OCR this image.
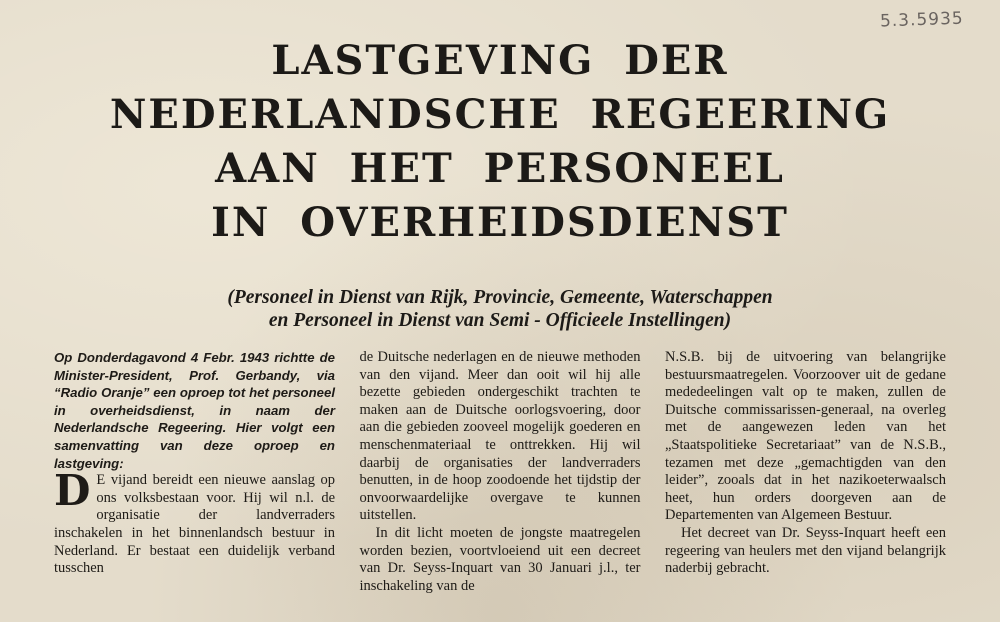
5.3.5935
LASTGEVING DER
NEDERLANDSCHE REGEERING
AAN HET PERSONEEL
IN OVERHEIDSDIENST
(Personeel in Dienst van Rijk, Provincie, Gemeente, Waterschappen
en Personeel in Dienst van Semi - Officieele Instellingen)

Op Donderdagavond 4 Febr. 1943 richtte de Minister-President, Prof. Gerbandy, via “Radio Oranje” een oproep tot het personeel in overheidsdienst, in naam der Nederlandsche Regeering. Hier volgt een samenvatting van deze oproep en lastgeving:

D E vijand bereidt een nieuwe aanslag op ons volksbestaan voor. Hij wil n.l. de organisatie der landverraders inschakelen in het binnenlandsch bestuur in Nederland. Er bestaat een duidelijk verband tusschen

de Duitsche nederlagen en de nieuwe methoden van den vijand. Meer dan ooit wil hij alle bezette gebieden ondergeschikt trachten te maken aan de Duitsche oorlogsvoering, door aan die gebieden zooveel mogelijk goederen en menschenmateriaal te onttrekken. Hij wil daarbij de organisaties der landverraders benutten, in de hoop zoodoende het tijdstip der onvoorwaardelijke overgave te kunnen uitstellen.

In dit licht moeten de jongste maatregelen worden bezien, voortvloeiend uit een decreet van Dr. Seyss-Inquart van 30 Januari j.l., ter inschakeling van de

N.S.B. bij de uitvoering van belangrijke bestuursmaatregelen. Voorzoover uit de gedane mededeelingen valt op te maken, zullen de Duitsche commissarissen-generaal, na overleg met de aangewezen leden van het „Staatspolitieke Secretariaat” van de N.S.B., tezamen met deze „gemachtigden van den leider”, zooals dat in het nazikoeterwaalsch heet, hun orders doorgeven aan de Departementen van Algemeen Bestuur.

Het decreet van Dr. Seyss-Inquart heeft een regeering van heulers met den vijand belangrijk naderbij gebracht.
